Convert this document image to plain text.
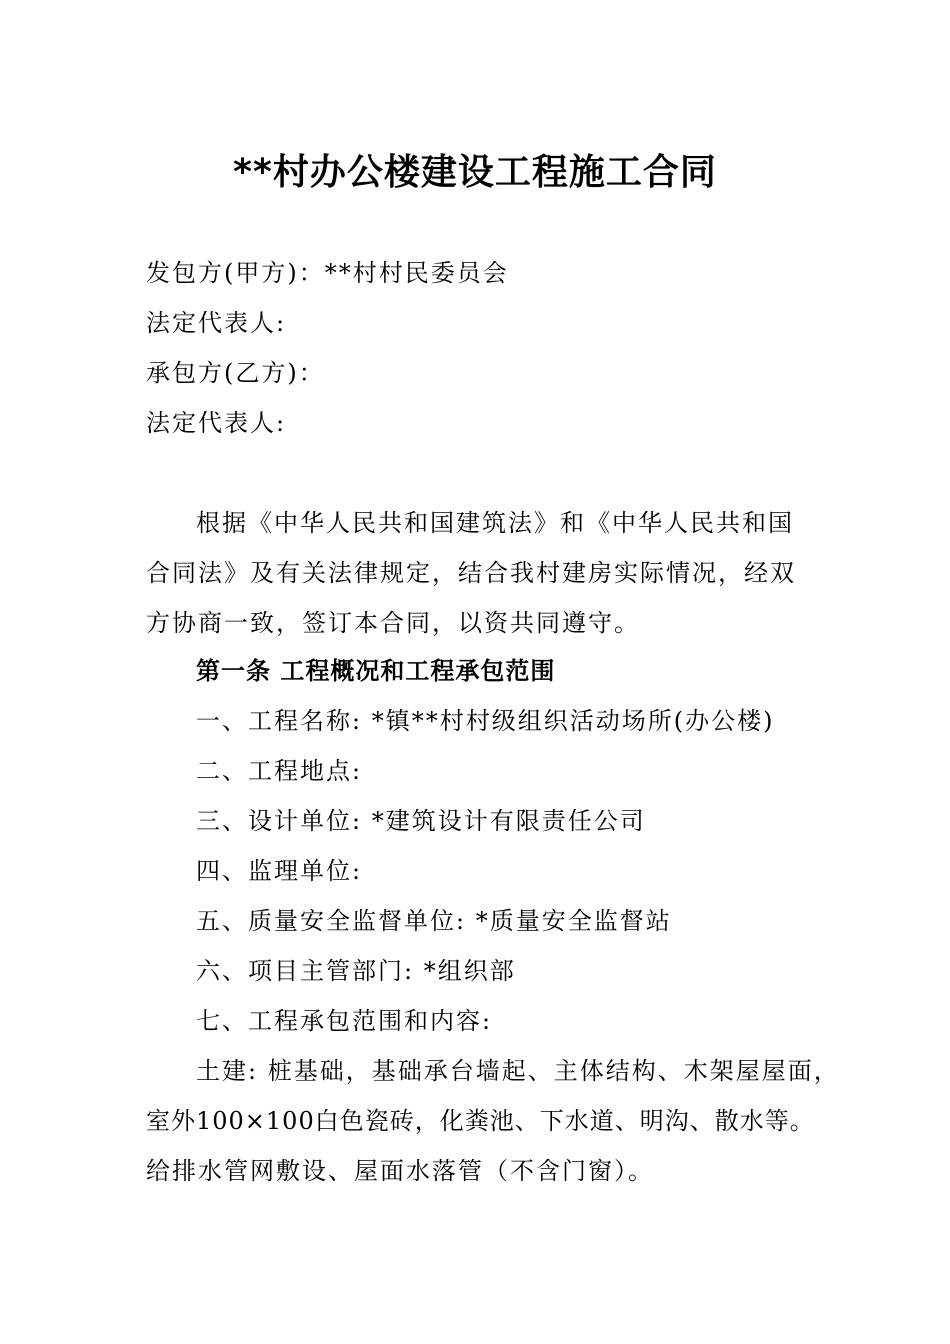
**村办公楼建设工程施工合同
发包方(甲方)：**村村民委员会
法定代表人:
承包方(乙方)：
法定代表人:
根据《中华人民共和国建筑法》和《中华人民共和国
合同法》及有关法律规定，结合我村建房实际情况，经双
方协商一致，签订本合同，以资共同遵守。
第一条 工程概况和工程承包范围
一、工程名称: *镇**村村级组织活动场所(办公楼)
二、工程地点:
三、设计单位: *建筑设计有限责任公司
四、监理单位:
五、质量安全监督单位: *质量安全监督站
六、项目主管部门: *组织部
七、工程承包范围和内容:
土建: 桩基础，基础承台墙起、主体结构、木架屋屋面，
室外100×100白色瓷砖，化粪池、下水道、明沟、散水等。
给排水管网敷设、屋面水落管（不含门窗）。
